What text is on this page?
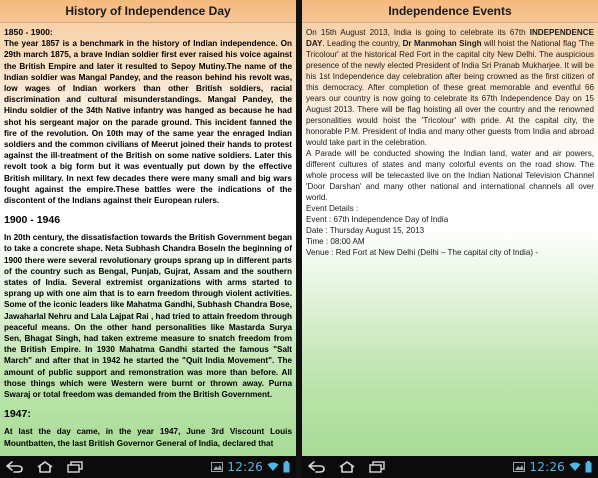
History of Independence Day
1850 - 1900:

The year 1857 is a benchmark in the history of Indian independence. On 29th march 1875, a brave Indian soldier first ever raised his voice against the British Empire and later it resulted to Sepoy Mutiny.The name of the Indian soldier was Mangal Pandey, and the reason behind his revolt was, low wages of Indian workers than other British soldiers, racial discrimination and cultural misunderstandings. Mangal Pandey, the Hindu soldier of the 34th Native infantry was hanged as because he had shot his sergeant major on the parade ground. This incident fanned the fire of the revolution. On 10th may of the same year the enraged Indian soldiers and the common civilians of Meerut joined their hands to protest against the ill-treatment of the British on some native soldiers. Later this revolt took a big form but it was eventually put down by the effective British military. In next few decades there were many small and big wars fought against the empire.These battles were the indications of the discontent of the Indians against their European rulers.

1900 - 1946

In 20th century, the dissatisfaction towards the British Government began to take a concrete shape. Neta Subhash Chandra Boseln the beginning of 1900 there were several revolutionary groups sprang up in different parts of the country such as Bengal, Punjab, Gujrat, Assam and the southern states of India. Several extremist organizations with arms started to sprang up with one aim that is to earn freedom through violent activities. Some of the iconic leaders like Mahatma Gandhi, Subhash Chandra Bose, Jawaharlal Nehru and Lala Lajpat Rai , had tried to attain freedom through peaceful means. On the other hand personalities like Mastarda Surya Sen, Bhagat Singh, had taken extreme measure to snatch freedom from the British Empire. In 1930 Mahatma Gandhi started the famous "Salt March" and after that in 1942 he started the "Quit India Movement". The amount of public support and remonstration was more than before. All those things which were Western were burnt or thrown away. Purna Swaraj or total freedom was demanded from the British Government.

1947:

At last the day came, in the year 1947, June 3rd Viscount Louis Mountbatten, the last British Governor General of India, declared that

12:26
Independence Events

On 15th August 2013, India is going to celebrate its 67th INDEPENDENCE DAY. Leading the country, Dr Manmohan Singh will hoist the National flag 'The Tricolour' at the historical Red Fort in the capital city New Delhi. The auspicious presence of the newly elected President of India Sri Pranab Mukharjee. It will be his 1st Independence day celebration after being crowned as the first citizen of this democracy. After completion of these great memorable and eventful 66 years our country is now going to celebrate its 67th Independence Day on 15 August 2013. There will be flag hoisting all over the country and the renowned personalities would hoist the 'Tricolour' with pride. At the capital city, the honorable P.M. President of India and many other guests from India and abroad would take part in the celebration.

A Parade will be conducted showing the Indian land, water and air powers, different cultures of states and many colorful events on the road show. The whole process will be telecasted live on the Indian National Television Channel 'Door Darshan' and many other national and international channels all over world.

Event Details :

Event : 67th Independence Day of India

Date : Thursday August 15, 2013

Time : 08:00 AM

Venue : Red Fort at New Delhi (Delhi – The capital city of India) -

12:26
